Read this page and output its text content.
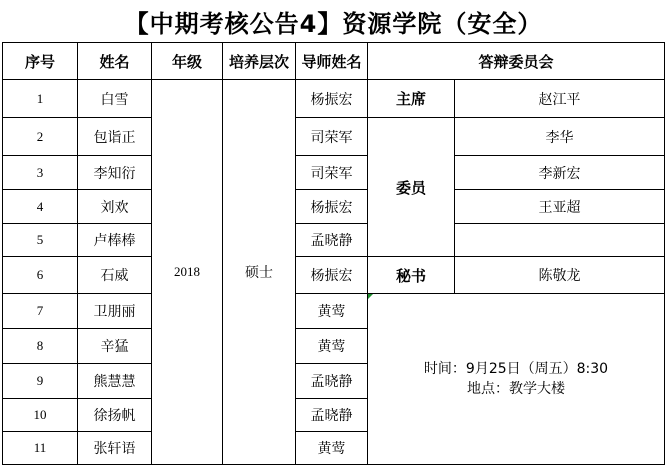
【中期考核公告4】资源学院（安全）
序号	姓名	年级	培养层次	导师姓名	答辩委员会	
1	白雪	2018	硕士	杨振宏	主席	赵江平
2	包诣正			司荣军	委员	李华
3	李知衍			司荣军		李新宏
4	刘欢			杨振宏		王亚超
5	卢棒棒			孟晓静		
6	石威			杨振宏	秘书	陈敬龙
7	卫朋丽			黄莺	时间：9月25日（周五）8:30
地点：教学大楼	

8	辛猛			黄莺		
9	熊慧慧			孟晓静		
10	徐扬帆			孟晓静		
11	张轩语			黄莺		
